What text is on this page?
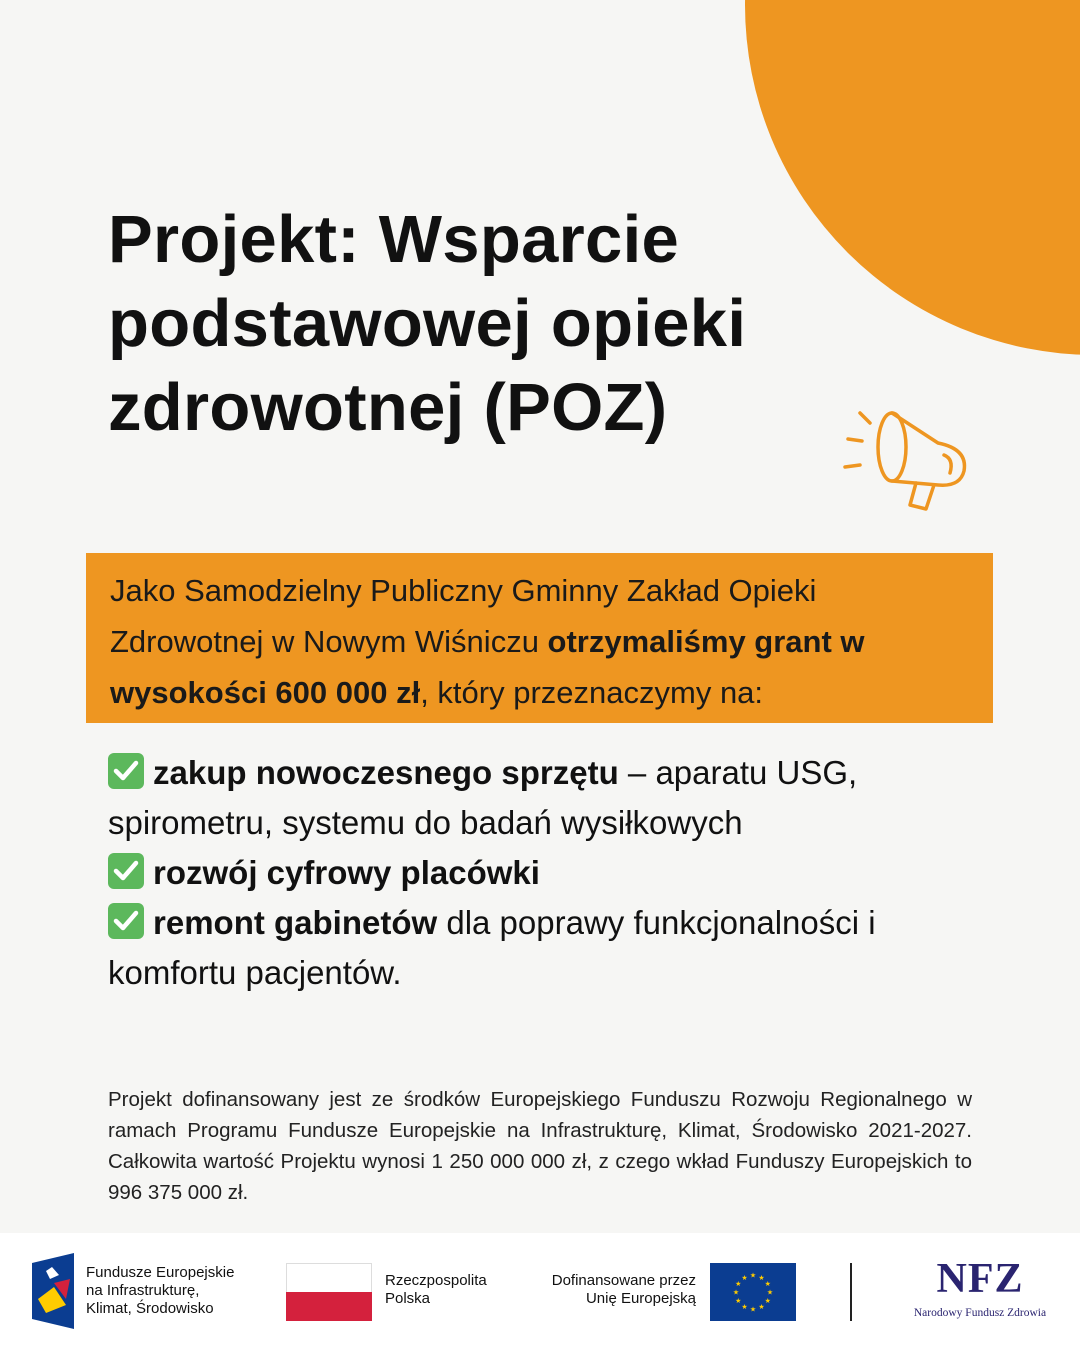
Projekt: Wsparcie
podstawowej opieki
zdrowotnej (POZ)
Jako Samodzielny Publiczny Gminny Zakład Opieki Zdrowotnej w Nowym Wiśniczu otrzymaliśmy grant w wysokości 600 000 zł, który przeznaczymy na:
zakup nowoczesnego sprzętu – aparatu USG, spirometru, systemu do badań wysiłkowych
rozwój cyfrowy placówki
remont gabinetów dla poprawy funkcjonalności i komfortu pacjentów.

Projekt dofinansowany jest ze środków Europejskiego Funduszu Rozwoju Regionalnego w ramach Programu Fundusze Europejskie na Infrastrukturę, Klimat, Środowisko 2021-2027. Całkowita wartość Projektu wynosi 1 250 000 000 zł, z czego wkład Funduszy Europejskich to 996 375 000 zł.

Fundusze Europejskie
na Infrastrukturę,
Klimat, Środowisko
Rzeczpospolita
Polska
Dofinansowane przez
Unię Europejską
★ ★
★
★
★
★
★
★
★
★
★
★	NFZ
Narodowy Fundusz Zdrowia
